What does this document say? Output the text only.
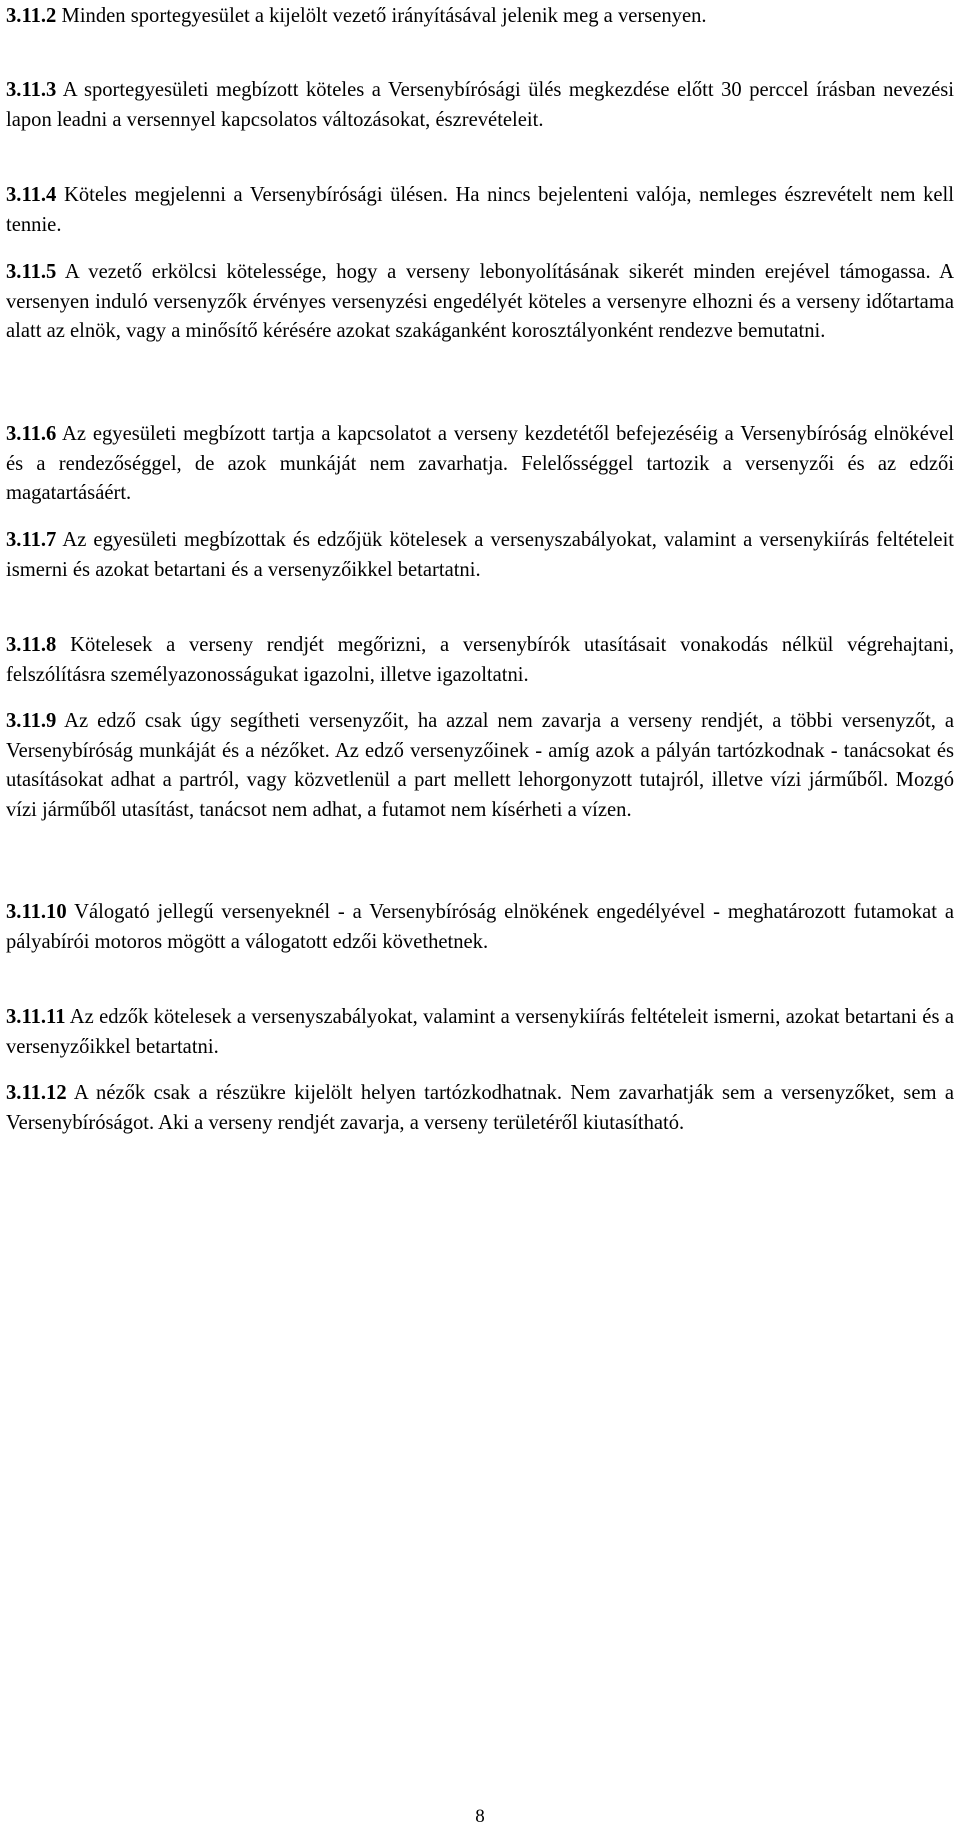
3.11.2 Minden sportegyesület a kijelölt vezető irányításával jelenik meg a versenyen.

3.11.3 A sportegyesületi megbízott köteles a Versenybírósági ülés megkezdése előtt 30 perccel írásban nevezési lapon leadni a versennyel kapcsolatos változásokat, észrevételeit.

3.11.4 Köteles megjelenni a Versenybírósági ülésen. Ha nincs bejelenteni valója, nemleges észrevételt nem kell tennie.

3.11.5 A vezető erkölcsi kötelessége, hogy a verseny lebonyolításának sikerét minden erejével támogassa. A versenyen induló versenyzők érvényes versenyzési engedélyét köteles a versenyre elhozni és a verseny időtartama alatt az elnök, vagy a minősítő kérésére azokat szakáganként korosztályonként rendezve bemutatni.

3.11.6 Az egyesületi megbízott tartja a kapcsolatot a verseny kezdetétől befejezéséig a Versenybíróság elnökével és a rendezőséggel, de azok munkáját nem zavarhatja. Felelősséggel tartozik a versenyzői és az edzői magatartásáért.

3.11.7 Az egyesületi megbízottak és edzőjük kötelesek a versenyszabályokat, valamint a versenykiírás feltételeit ismerni és azokat betartani és a versenyzőikkel betartatni.

3.11.8 Kötelesek a verseny rendjét megőrizni, a versenybírók utasításait vonakodás nélkül végrehajtani, felszólításra személyazonosságukat igazolni, illetve igazoltatni.

3.11.9 Az edző csak úgy segítheti versenyzőit, ha azzal nem zavarja a verseny rendjét, a többi versenyzőt, a Versenybíróság munkáját és a nézőket. Az edző versenyzőinek - amíg azok a pályán tartózkodnak - tanácsokat és utasításokat adhat a partról, vagy közvetlenül a part mellett lehorgonyzott tutajról, illetve vízi járműből. Mozgó vízi járműből utasítást, tanácsot nem adhat, a futamot nem kísérheti a vízen.

3.11.10 Válogató jellegű versenyeknél - a Versenybíróság elnökének engedélyével - meghatározott futamokat a pályabírói motoros mögött a válogatott edzői követhetnek.

3.11.11 Az edzők kötelesek a versenyszabályokat, valamint a versenykiírás feltételeit ismerni, azokat betartani és a versenyzőikkel betartatni.

3.11.12 A nézők csak a részükre kijelölt helyen tartózkodhatnak. Nem zavarhatják sem a versenyzőket, sem a Versenybíróságot. Aki a verseny rendjét zavarja, a verseny területéről kiutasítható.

8
